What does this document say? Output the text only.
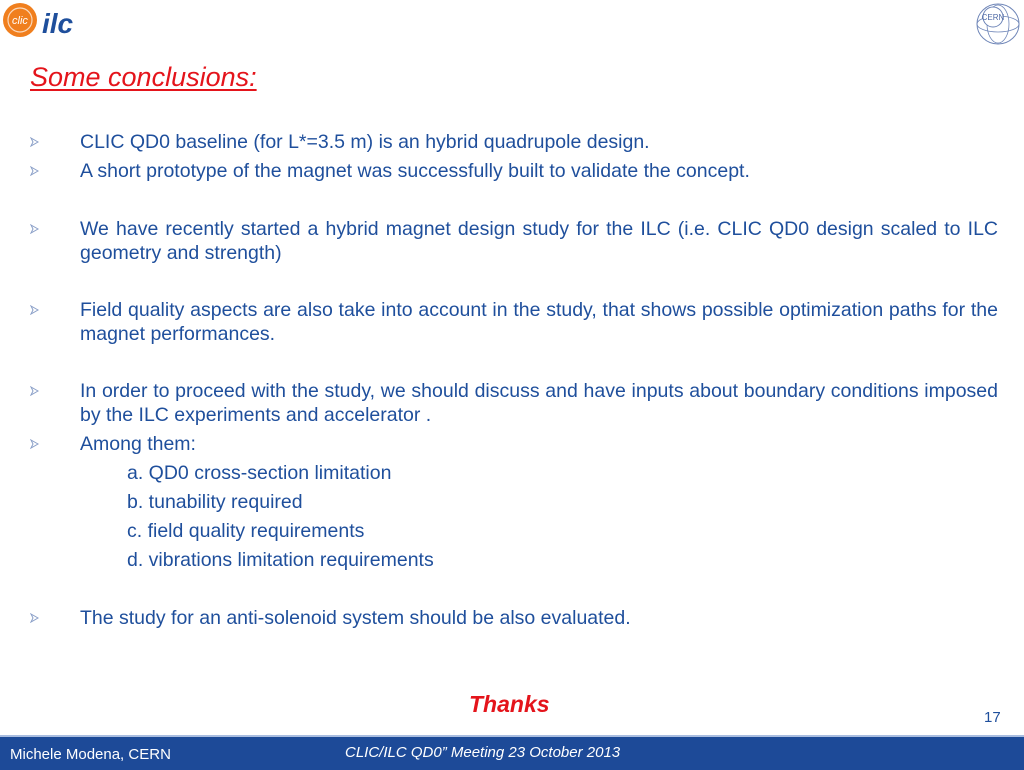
clic ilc	CERN
Some conclusions:

CLIC QD0 baseline (for L*=3.5 m) is an hybrid quadrupole design.

A short prototype of the magnet was successfully built to validate the concept.

We have recently started a hybrid magnet design study for the ILC (i.e. CLIC QD0 design scaled to ILC geometry and strength)

Field quality aspects are also take into account in the study, that shows possible optimization paths for the magnet performances.

In order to proceed with the study, we should discuss and have inputs about boundary conditions imposed by the ILC experiments and accelerator .

Among them:

a. QD0 cross-section limitation

b. tunability required

c. field quality requirements

d. vibrations limitation requirements

The study for an anti-solenoid system should be also evaluated.

Thanks

17

Michele Modena, CERN	CLIC/ILC QD0” Meeting 23 October 2013
